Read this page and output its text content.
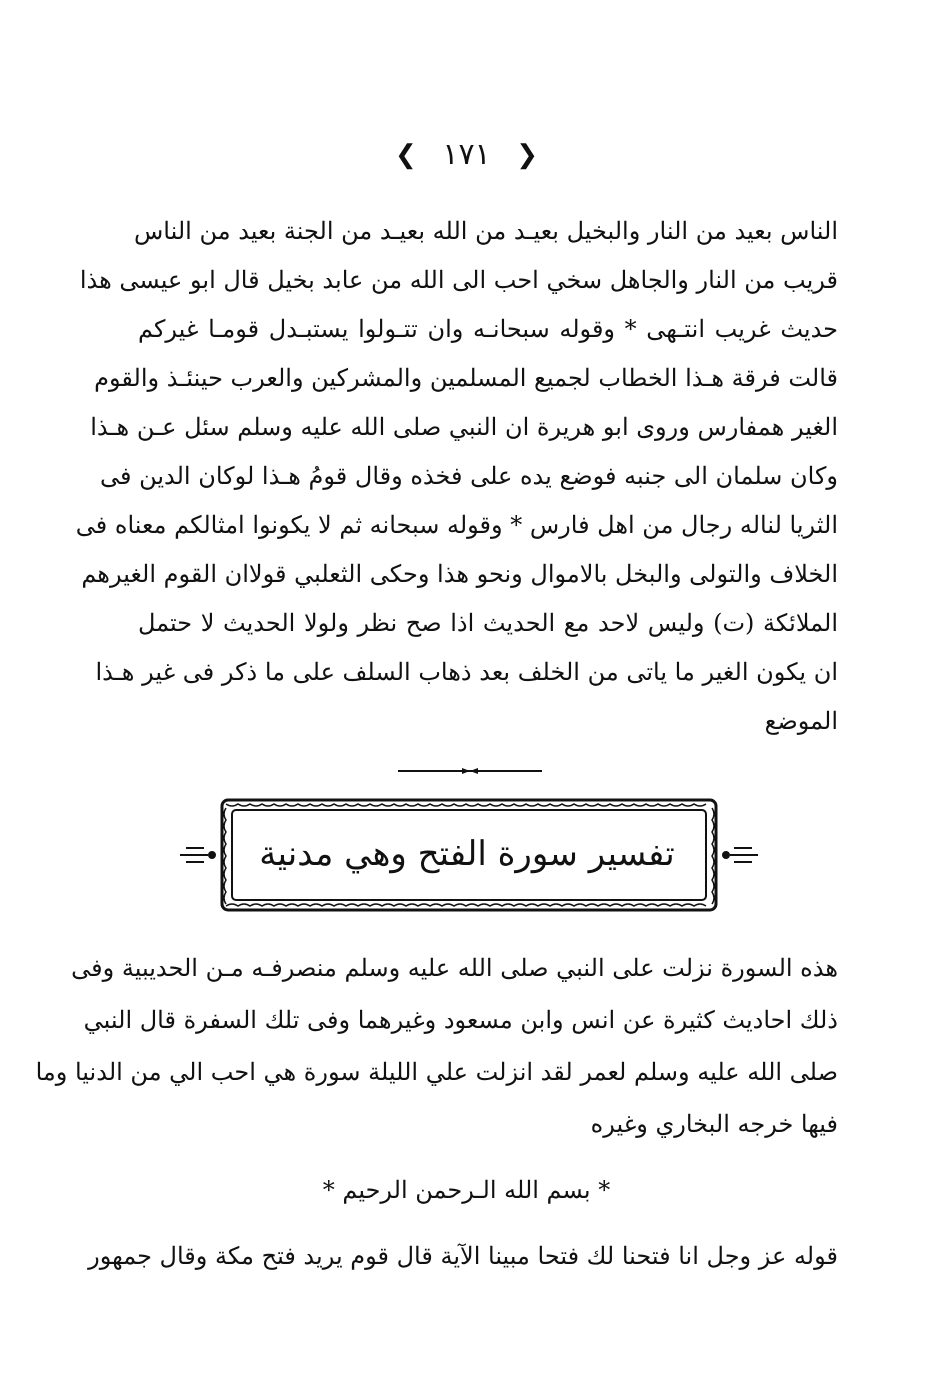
❮ ١٧١ ❯
الناس بعيد من النار والبخيل بعيـد من الله بعيـد من الجنة بعيد من الناس
قريب من النار والجاهل سخي احب الى الله من عابد بخيل قال ابو عيسى هذا
حديث غريب انتـهى * وقوله سبحانـه وان تتـولوا يستبـدل قومـا غيركم
قالت فرقة هـذا الخطاب لجميع المسلمين والمشركين والعرب حينئـذ والقوم
الغير همفارس وروى ابو هريرة ان النبي صلى الله عليه وسلم سئل عـن هـذا
وكان سلمان الى جنبه فوضع يده على فخذه وقال قومُ هـذا لوكان الدين فى
الثريا لناله رجال من اهل فارس * وقوله سبحانه ثم لا يكونوا امثالكم معناه فى
الخلاف والتولى والبخل بالاموال ونحو هذا وحكى الثعلبي قولاان القوم الغيرهم
الملائكة (ت) وليس لاحد مع الحديث اذا صح نظر ولولا الحديث لا حتمل
ان يكون الغير ما ياتى من الخلف بعد ذهاب السلف على ما ذكر فى غير هـذا
الموضع
تفسير سورة الفتح وهي مدنية
هذه السورة نزلت على النبي صلى الله عليه وسلم منصرفـه مـن الحديبية وفى
ذلك احاديث كثيرة عن انس وابن مسعود وغيرهما وفى تلك السفرة قال النبي
صلى الله عليه وسلم لعمر لقد انزلت علي الليلة سورة هي احب الي من الدنيا وما
فيها خرجه البخاري وغيره
* بسم الله الـرحمن الرحيم *
قوله عز وجل انا فتحنا لك فتحا مبينا الآية قال قوم يريد فتح مكة وقال جمهور
